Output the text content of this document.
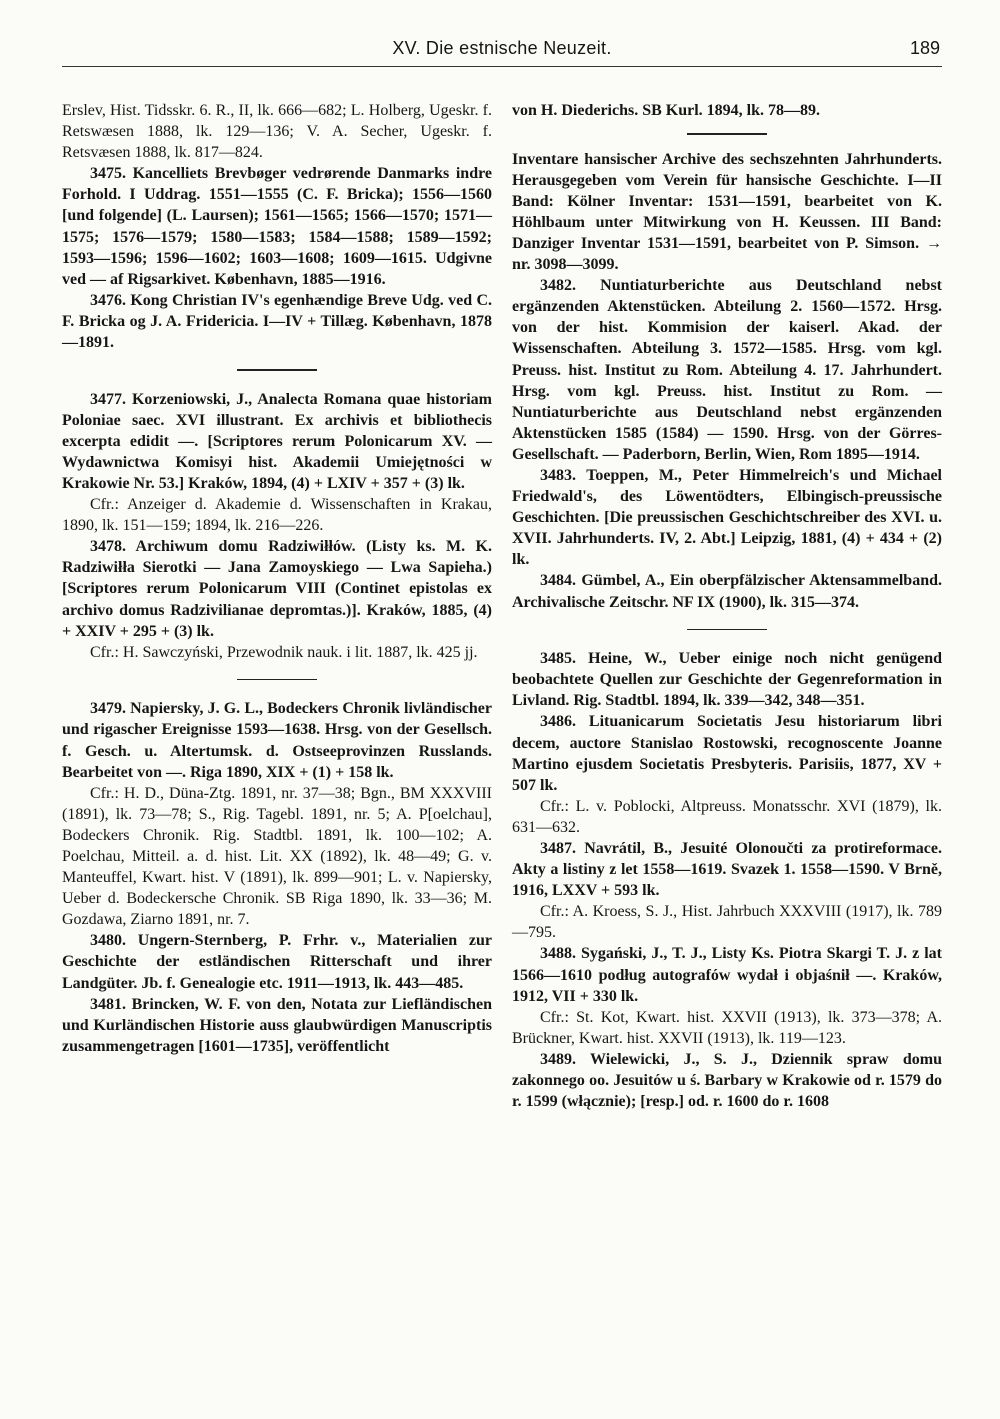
XV. Die estnische Neuzeit.	189

Erslev, Hist. Tidsskr. 6. R., II, lk. 666—682; L. Holberg, Ugeskr. f. Retswæsen 1888, lk. 129—136; V. A. Secher, Ugeskr. f. Retsvæsen 1888, lk. 817—824.

3475. Kancelliets Brevbøger vedrørende Danmarks indre Forhold. I Uddrag. 1551—1555 (C. F. Bricka); 1556—1560 [und folgende] (L. Laursen); 1561—1565; 1566—1570; 1571—1575; 1576—1579; 1580—1583; 1584—1588; 1589—1592; 1593—1596; 1596—1602; 1603—1608; 1609—1615. Udgivne ved — af Rigsarkivet. København, 1885—1916.

3476. Kong Christian IV's egenhændige Breve Udg. ved C. F. Bricka og J. A. Fridericia. I—IV + Tillæg. København, 1878—1891.

3477. Korzeniowski, J., Analecta Romana quae historiam Poloniae saec. XVI illustrant. Ex archivis et bibliothecis excerpta edidit —. [Scriptores rerum Polonicarum XV. — Wydawnictwa Komisyi hist. Akademii Umiejętności w Krakowie Nr. 53.] Kraków, 1894, (4) + LXIV + 357 + (3) lk.

Cfr.: Anzeiger d. Akademie d. Wissenschaften in Krakau, 1890, lk. 151—159; 1894, lk. 216—226.

3478. Archiwum domu Radziwiłłów. (Listy ks. M. K. Radziwiłła Sierotki — Jana Zamoyskiego — Lwa Sapieha.) [Scriptores rerum Polonicarum VIII (Continet epistolas ex archivo domus Radzivilianae depromtas.)]. Kraków, 1885, (4) + XXIV + 295 + (3) lk.

Cfr.: H. Sawczyński, Przewodnik nauk. i lit. 1887, lk. 425 jj.

3479. Napiersky, J. G. L., Bodeckers Chronik livländischer und rigascher Ereignisse 1593—1638. Hrsg. von der Gesellsch. f. Gesch. u. Altertumsk. d. Ostseeprovinzen Russlands. Bearbeitet von —. Riga 1890, XIX + (1) + 158 lk.

Cfr.: H. D., Düna-Ztg. 1891, nr. 37—38; Bgn., BM XXXVIII (1891), lk. 73—78; S., Rig. Tagebl. 1891, nr. 5; A. P[oelchau], Bodeckers Chronik. Rig. Stadtbl. 1891, lk. 100—102; A. Poelchau, Mitteil. a. d. hist. Lit. XX (1892), lk. 48—49; G. v. Manteuffel, Kwart. hist. V (1891), lk. 899—901; L. v. Napiersky, Ueber d. Bodeckersche Chronik. SB Riga 1890, lk. 33—36; M. Gozdawa, Ziarno 1891, nr. 7.

3480. Ungern-Sternberg, P. Frhr. v., Materialien zur Geschichte der estländischen Ritterschaft und ihrer Landgüter. Jb. f. Genealogie etc. 1911—1913, lk. 443—485.

3481. Brincken, W. F. von den, Notata zur Liefländischen und Kurländischen Historie auss glaubwürdigen Manuscriptis zusammengetragen [1601—1735], veröffentlicht

von H. Diederichs. SB Kurl. 1894, lk. 78—89.

Inventare hansischer Archive des sechszehnten Jahrhunderts. Herausgegeben vom Verein für hansische Geschichte. I—II Band: Kölner Inventar: 1531—1591, bearbeitet von K. Höhlbaum unter Mitwirkung von H. Keussen. III Band: Danziger Inventar 1531—1591, bearbeitet von P. Simson. → nr. 3098—3099.

3482. Nuntiaturberichte aus Deutschland nebst ergänzenden Aktenstücken. Abteilung 2. 1560—1572. Hrsg. von der hist. Kommision der kaiserl. Akad. der Wissenschaften. Abteilung 3. 1572—1585. Hrsg. vom kgl. Preuss. hist. Institut zu Rom. Abteilung 4. 17. Jahrhundert. Hrsg. vom kgl. Preuss. hist. Institut zu Rom. — Nuntiaturberichte aus Deutschland nebst ergänzenden Aktenstücken 1585 (1584) — 1590. Hrsg. von der Görres-Gesellschaft. — Paderborn, Berlin, Wien, Rom 1895—1914.

3483. Toeppen, M., Peter Himmelreich's und Michael Friedwald's, des Löwentödters, Elbingisch-preussische Geschichten. [Die preussischen Geschichtschreiber des XVI. u. XVII. Jahrhunderts. IV, 2. Abt.] Leipzig, 1881, (4) + 434 + (2) lk.

3484. Gümbel, A., Ein oberpfälzischer Aktensammelband. Archivalische Zeitschr. NF IX (1900), lk. 315—374.

3485. Heine, W., Ueber einige noch nicht genügend beobachtete Quellen zur Geschichte der Gegenreformation in Livland. Rig. Stadtbl. 1894, lk. 339—342, 348—351.

3486. Lituanicarum Societatis Jesu historiarum libri decem, auctore Stanislao Rostowski, recognoscente Joanne Martino ejusdem Societatis Presbyteris. Parisiis, 1877, XV + 507 lk.

Cfr.: L. v. Poblocki, Altpreuss. Monatsschr. XVI (1879), lk. 631—632.

3487. Navrátil, B., Jesuité Olonoučti za protireformace. Akty a listiny z let 1558—1619. Svazek 1. 1558—1590. V Brně, 1916, LXXV + 593 lk.

Cfr.: A. Kroess, S. J., Hist. Jahrbuch XXXVIII (1917), lk. 789—795.

3488. Sygański, J., T. J., Listy Ks. Piotra Skargi T. J. z lat 1566—1610 podług autografów wydał i objaśnił —. Kraków, 1912, VII + 330 lk.

Cfr.: St. Kot, Kwart. hist. XXVII (1913), lk. 373—378; A. Brückner, Kwart. hist. XXVII (1913), lk. 119—123.

3489. Wielewicki, J., S. J., Dziennik spraw domu zakonnego oo. Jesuitów u ś. Barbary w Krakowie od r. 1579 do r. 1599 (włącznie); [resp.] od. r. 1600 do r. 1608
